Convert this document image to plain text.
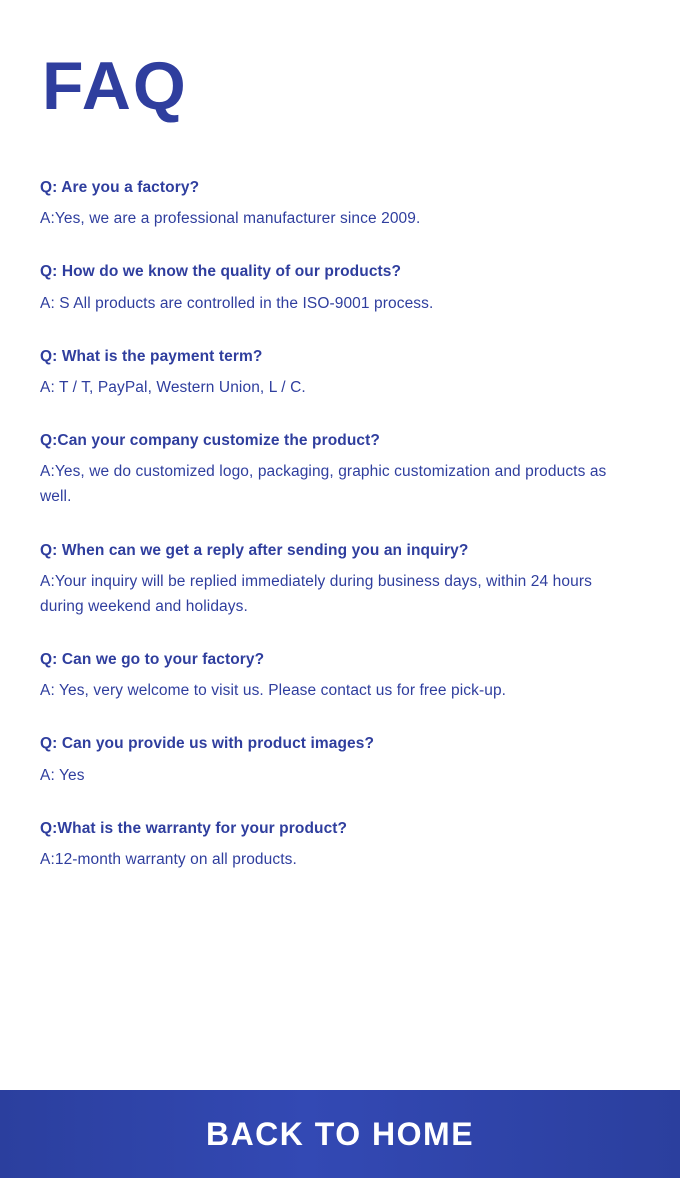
FAQ

Q: Are you a factory?

A:Yes, we are a professional manufacturer since 2009.

Q: How do we know the quality of our products?

A: S All products are controlled in the ISO-9001 process.

Q: What is the payment term?

A: T / T, PayPal, Western Union, L / C.

Q:Can your company customize the product?

A:Yes, we do customized logo, packaging, graphic customization and products as well.

Q: When can we get a reply after sending you an inquiry?

A:Your inquiry will be replied immediately during business days, within 24 hours during weekend and holidays.

Q: Can we go to your factory?

A: Yes, very welcome to visit us. Please contact us for free pick-up.

Q: Can you provide us with product images?

A: Yes

Q:What is the warranty for your product?

A:12-month warranty on all products.

BACK TO HOME
